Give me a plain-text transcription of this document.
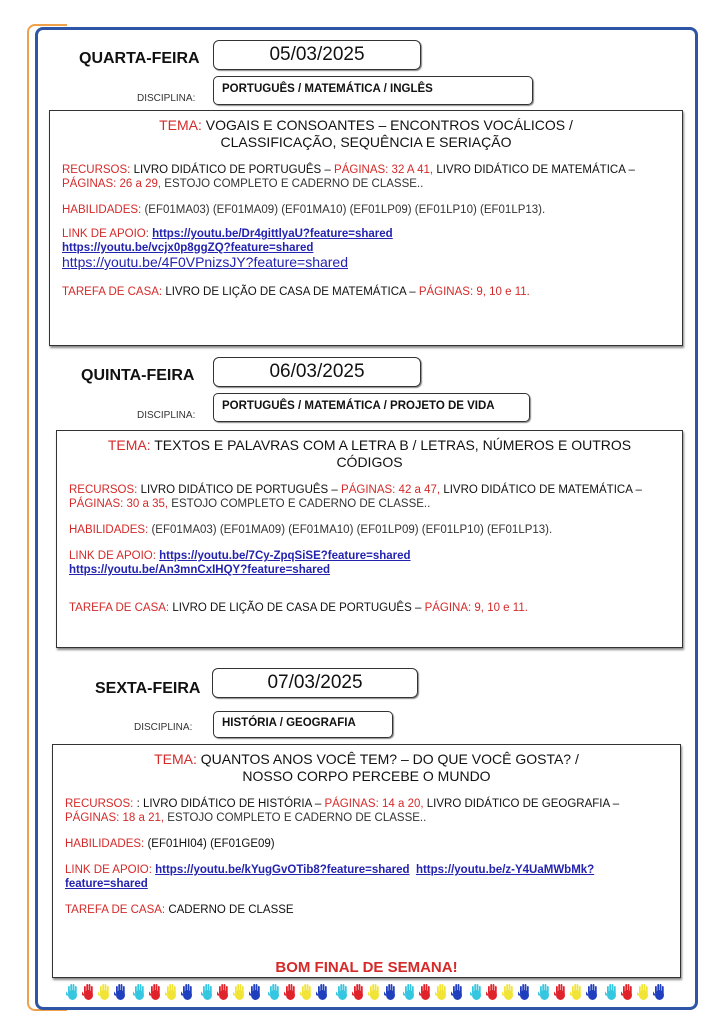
QUARTA-FEIRA	05/03/2025
DISCIPLINA:
PORTUGUÊS / MATEMÁTICA / INGLÊS
TEMA: VOGAIS E CONSOANTES – ENCONTROS VOCÁLICOS /
CLASSIFICAÇÃO, SEQUÊNCIA E SERIAÇÃO

RECURSOS: LIVRO DIDÁTICO DE PORTUGUÊS – PÁGINAS: 32 A 41, LIVRO DIDÁTICO DE MATEMÁTICA – PÁGINAS: 26 a 29, ESTOJO COMPLETO E CADERNO DE CLASSE..

HABILIDADES: (EF01MA03) (EF01MA09) (EF01MA10) (EF01LP09) (EF01LP10) (EF01LP13).

LINK DE APOIO: https://youtu.be/Dr4gittlyaU?feature=shared
https://youtu.be/vcjx0p8ggZQ?feature=shared
https://youtu.be/4F0VPnizsJY?feature=shared

TAREFA DE CASA: LIVRO DE LIÇÃO DE CASA DE MATEMÁTICA – PÁGINAS: 9, 10 e 11.

QUINTA-FEIRA	06/03/2025
DISCIPLINA:
PORTUGUÊS / MATEMÁTICA / PROJETO DE VIDA
TEMA: TEXTOS E PALAVRAS COM A LETRA B / LETRAS, NÚMEROS E OUTROS
CÓDIGOS

RECURSOS: LIVRO DIDÁTICO DE PORTUGUÊS – PÁGINAS: 42 a 47, LIVRO DIDÁTICO DE MATEMÁTICA – PÁGINAS: 30 a 35, ESTOJO COMPLETO E CADERNO DE CLASSE..

HABILIDADES: (EF01MA03) (EF01MA09) (EF01MA10) (EF01LP09) (EF01LP10) (EF01LP13).

LINK DE APOIO: https://youtu.be/7Cy-ZpqSiSE?feature=shared
https://youtu.be/An3mnCxIHQY?feature=shared

TAREFA DE CASA: LIVRO DE LIÇÃO DE CASA DE PORTUGUÊS – PÁGINA: 9, 10 e 11.

SEXTA-FEIRA	07/03/2025
DISCIPLINA:	HISTÓRIA / GEOGRAFIA
TEMA: QUANTOS ANOS VOCÊ TEM? – DO QUE VOCÊ GOSTA? /
NOSSO CORPO PERCEBE O MUNDO

RECURSOS: : LIVRO DIDÁTICO DE HISTÓRIA – PÁGINAS: 14 a 20, LIVRO DIDÁTICO DE GEOGRAFIA – PÁGINAS: 18 a 21, ESTOJO COMPLETO E CADERNO DE CLASSE..

HABILIDADES: (EF01HI04) (EF01GE09)

LINK DE APOIO: https://youtu.be/kYugGvOTib8?feature=shared https://youtu.be/z-Y4UaMWbMk?feature=shared

TAREFA DE CASA: CADERNO DE CLASSE

BOM FINAL DE SEMANA!
